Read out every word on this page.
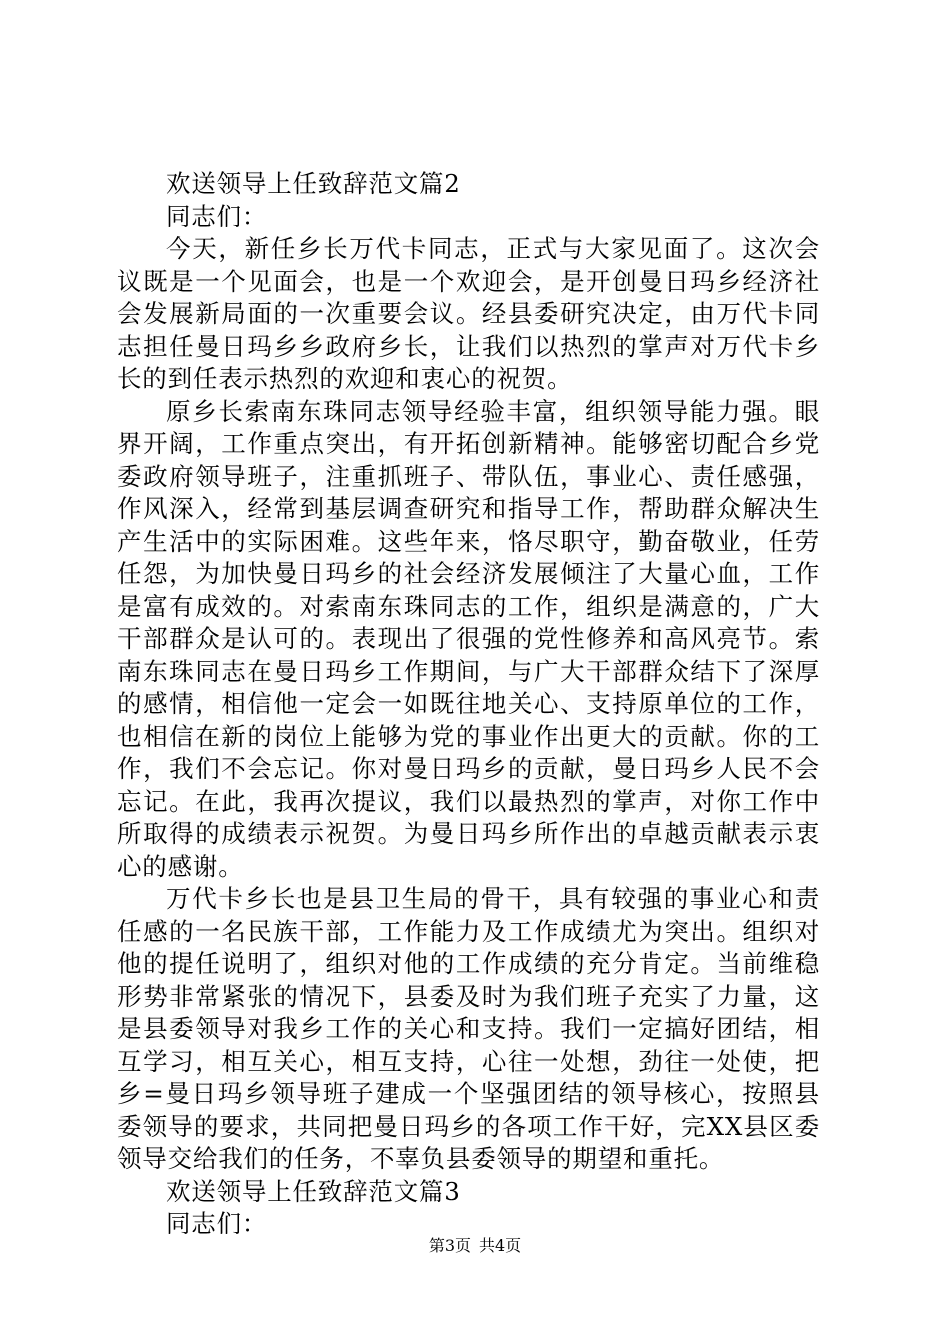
欢送领导上任致辞范文篇2

同志们：

今天，新任乡长万代卡同志，正式与大家见面了。这次会议既是一个见面会，也是一个欢迎会，是开创曼日玛乡经济社会发展新局面的一次重要会议。经县委研究决定，由万代卡同志担任曼日玛乡乡政府乡长，让我们以热烈的掌声对万代卡乡长的到任表示热烈的欢迎和衷心的祝贺。

原乡长索南东珠同志领导经验丰富，组织领导能力强。眼界开阔，工作重点突出，有开拓创新精神。能够密切配合乡党委政府领导班子，注重抓班子、带队伍，事业心、责任感强，作风深入，经常到基层调查研究和指导工作，帮助群众解决生产生活中的实际困难。这些年来，恪尽职守，勤奋敬业，任劳任怨，为加快曼日玛乡的社会经济发展倾注了大量心血，工作是富有成效的。对索南东珠同志的工作，组织是满意的，广大干部群众是认可的。表现出了很强的党性修养和高风亮节。索南东珠同志在曼日玛乡工作期间，与广大干部群众结下了深厚的感情，相信他一定会一如既往地关心、支持原单位的工作，也相信在新的岗位上能够为党的事业作出更大的贡献。你的工作，我们不会忘记。你对曼日玛乡的贡献，曼日玛乡人民不会忘记。在此，我再次提议，我们以最热烈的掌声，对你工作中所取得的成绩表示祝贺。为曼日玛乡所作出的卓越贡献表示衷心的感谢。

万代卡乡长也是县卫生局的骨干，具有较强的事业心和责任感的一名民族干部，工作能力及工作成绩尤为突出。组织对他的提任说明了，组织对他的工作成绩的充分肯定。当前维稳形势非常紧张的情况下，县委及时为我们班子充实了力量，这是县委领导对我乡工作的关心和支持。我们一定搞好团结，相互学习，相互关心，相互支持，心往一处想，劲往一处使，把乡=曼日玛乡领导班子建成一个坚强团结的领导核心，按照县委领导的要求，共同把曼日玛乡的各项工作干好，完XX县区委领导交给我们的任务，不辜负县委领导的期望和重托。

欢送领导上任致辞范文篇3

同志们：

第3页 共4页
